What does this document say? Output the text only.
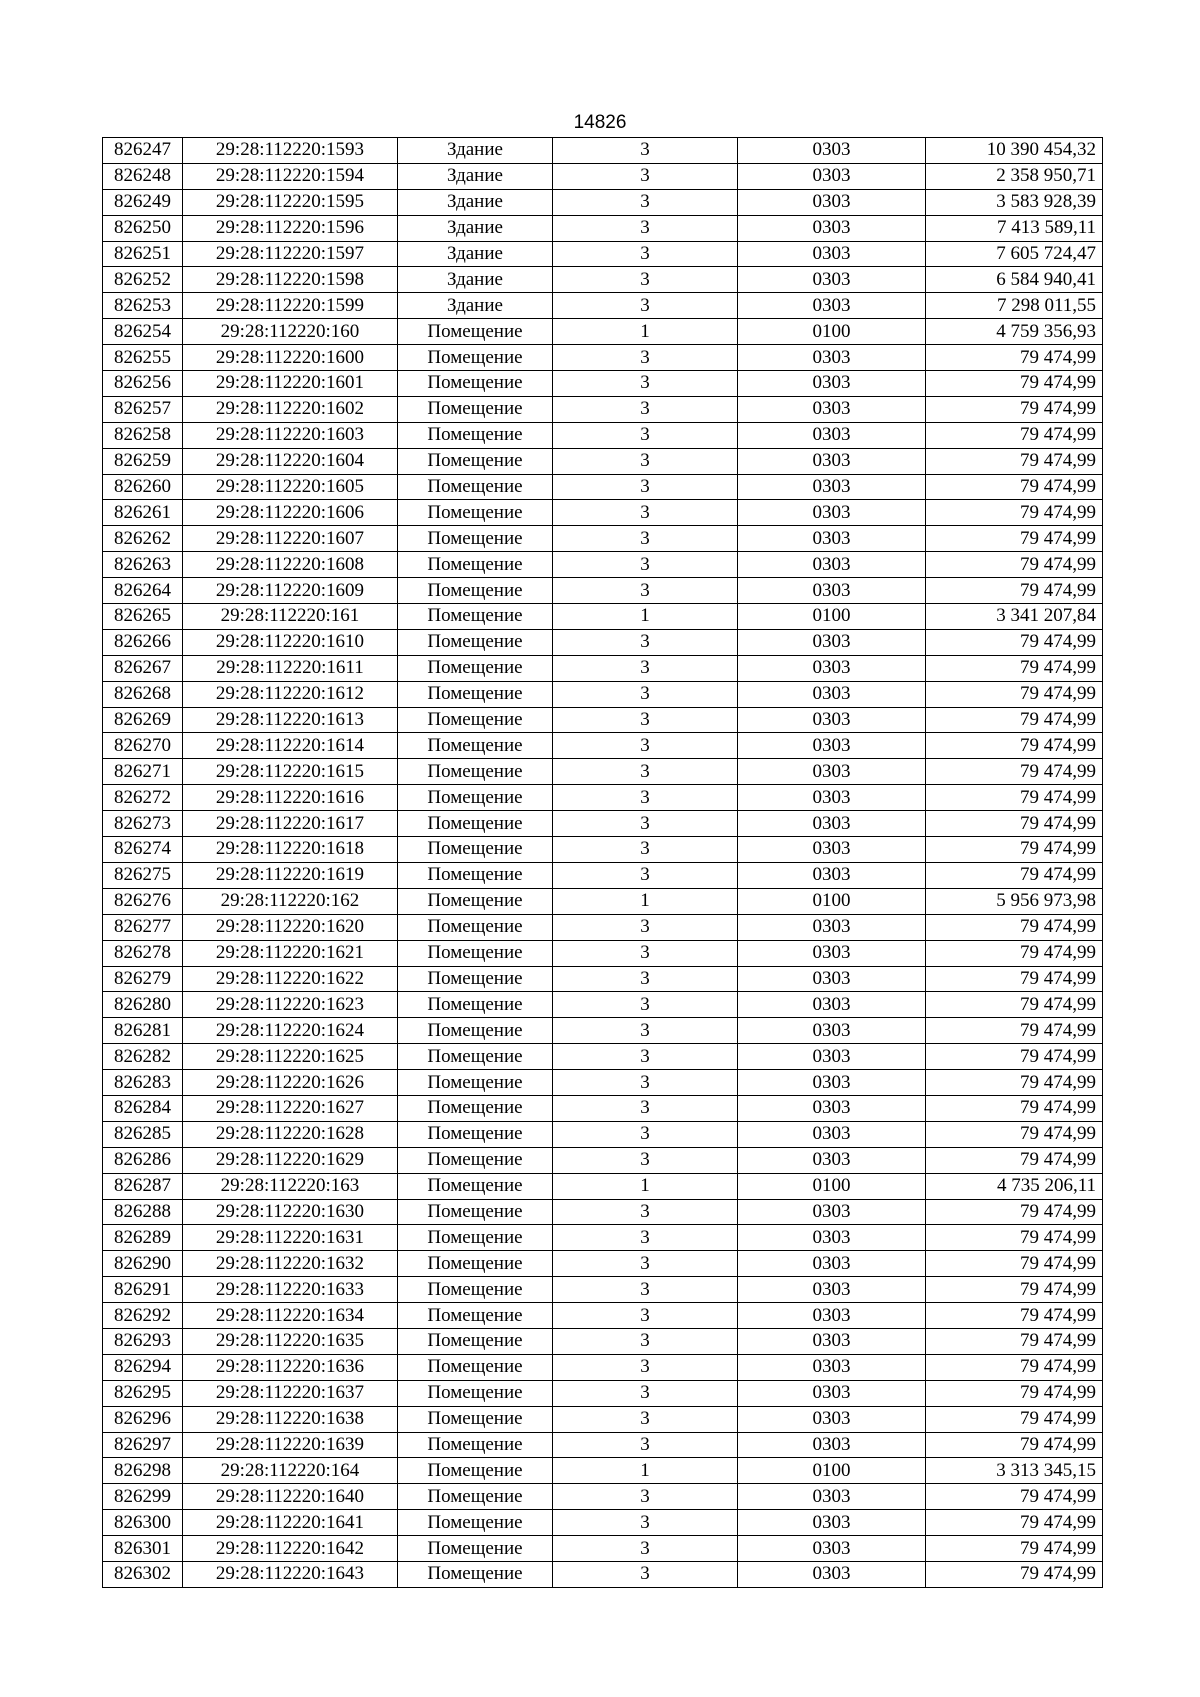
14826
826247	29:28:112220:1593	Здание	3	0303	10 390 454,32
826248	29:28:112220:1594	Здание	3	0303	2 358 950,71
826249	29:28:112220:1595	Здание	3	0303	3 583 928,39
826250	29:28:112220:1596	Здание	3	0303	7 413 589,11
826251	29:28:112220:1597	Здание	3	0303	7 605 724,47
826252	29:28:112220:1598	Здание	3	0303	6 584 940,41
826253	29:28:112220:1599	Здание	3	0303	7 298 011,55
826254	29:28:112220:160	Помещение	1	0100	4 759 356,93
826255	29:28:112220:1600	Помещение	3	0303	79 474,99
826256	29:28:112220:1601	Помещение	3	0303	79 474,99
826257	29:28:112220:1602	Помещение	3	0303	79 474,99
826258	29:28:112220:1603	Помещение	3	0303	79 474,99
826259	29:28:112220:1604	Помещение	3	0303	79 474,99
826260	29:28:112220:1605	Помещение	3	0303	79 474,99
826261	29:28:112220:1606	Помещение	3	0303	79 474,99
826262	29:28:112220:1607	Помещение	3	0303	79 474,99
826263	29:28:112220:1608	Помещение	3	0303	79 474,99
826264	29:28:112220:1609	Помещение	3	0303	79 474,99
826265	29:28:112220:161	Помещение	1	0100	3 341 207,84
826266	29:28:112220:1610	Помещение	3	0303	79 474,99
826267	29:28:112220:1611	Помещение	3	0303	79 474,99
826268	29:28:112220:1612	Помещение	3	0303	79 474,99
826269	29:28:112220:1613	Помещение	3	0303	79 474,99
826270	29:28:112220:1614	Помещение	3	0303	79 474,99
826271	29:28:112220:1615	Помещение	3	0303	79 474,99
826272	29:28:112220:1616	Помещение	3	0303	79 474,99
826273	29:28:112220:1617	Помещение	3	0303	79 474,99
826274	29:28:112220:1618	Помещение	3	0303	79 474,99
826275	29:28:112220:1619	Помещение	3	0303	79 474,99
826276	29:28:112220:162	Помещение	1	0100	5 956 973,98
826277	29:28:112220:1620	Помещение	3	0303	79 474,99
826278	29:28:112220:1621	Помещение	3	0303	79 474,99
826279	29:28:112220:1622	Помещение	3	0303	79 474,99
826280	29:28:112220:1623	Помещение	3	0303	79 474,99
826281	29:28:112220:1624	Помещение	3	0303	79 474,99
826282	29:28:112220:1625	Помещение	3	0303	79 474,99
826283	29:28:112220:1626	Помещение	3	0303	79 474,99
826284	29:28:112220:1627	Помещение	3	0303	79 474,99
826285	29:28:112220:1628	Помещение	3	0303	79 474,99
826286	29:28:112220:1629	Помещение	3	0303	79 474,99
826287	29:28:112220:163	Помещение	1	0100	4 735 206,11
826288	29:28:112220:1630	Помещение	3	0303	79 474,99
826289	29:28:112220:1631	Помещение	3	0303	79 474,99
826290	29:28:112220:1632	Помещение	3	0303	79 474,99
826291	29:28:112220:1633	Помещение	3	0303	79 474,99
826292	29:28:112220:1634	Помещение	3	0303	79 474,99
826293	29:28:112220:1635	Помещение	3	0303	79 474,99
826294	29:28:112220:1636	Помещение	3	0303	79 474,99
826295	29:28:112220:1637	Помещение	3	0303	79 474,99
826296	29:28:112220:1638	Помещение	3	0303	79 474,99
826297	29:28:112220:1639	Помещение	3	0303	79 474,99
826298	29:28:112220:164	Помещение	1	0100	3 313 345,15
826299	29:28:112220:1640	Помещение	3	0303	79 474,99
826300	29:28:112220:1641	Помещение	3	0303	79 474,99
826301	29:28:112220:1642	Помещение	3	0303	79 474,99
826302	29:28:112220:1643	Помещение	3	0303	79 474,99
